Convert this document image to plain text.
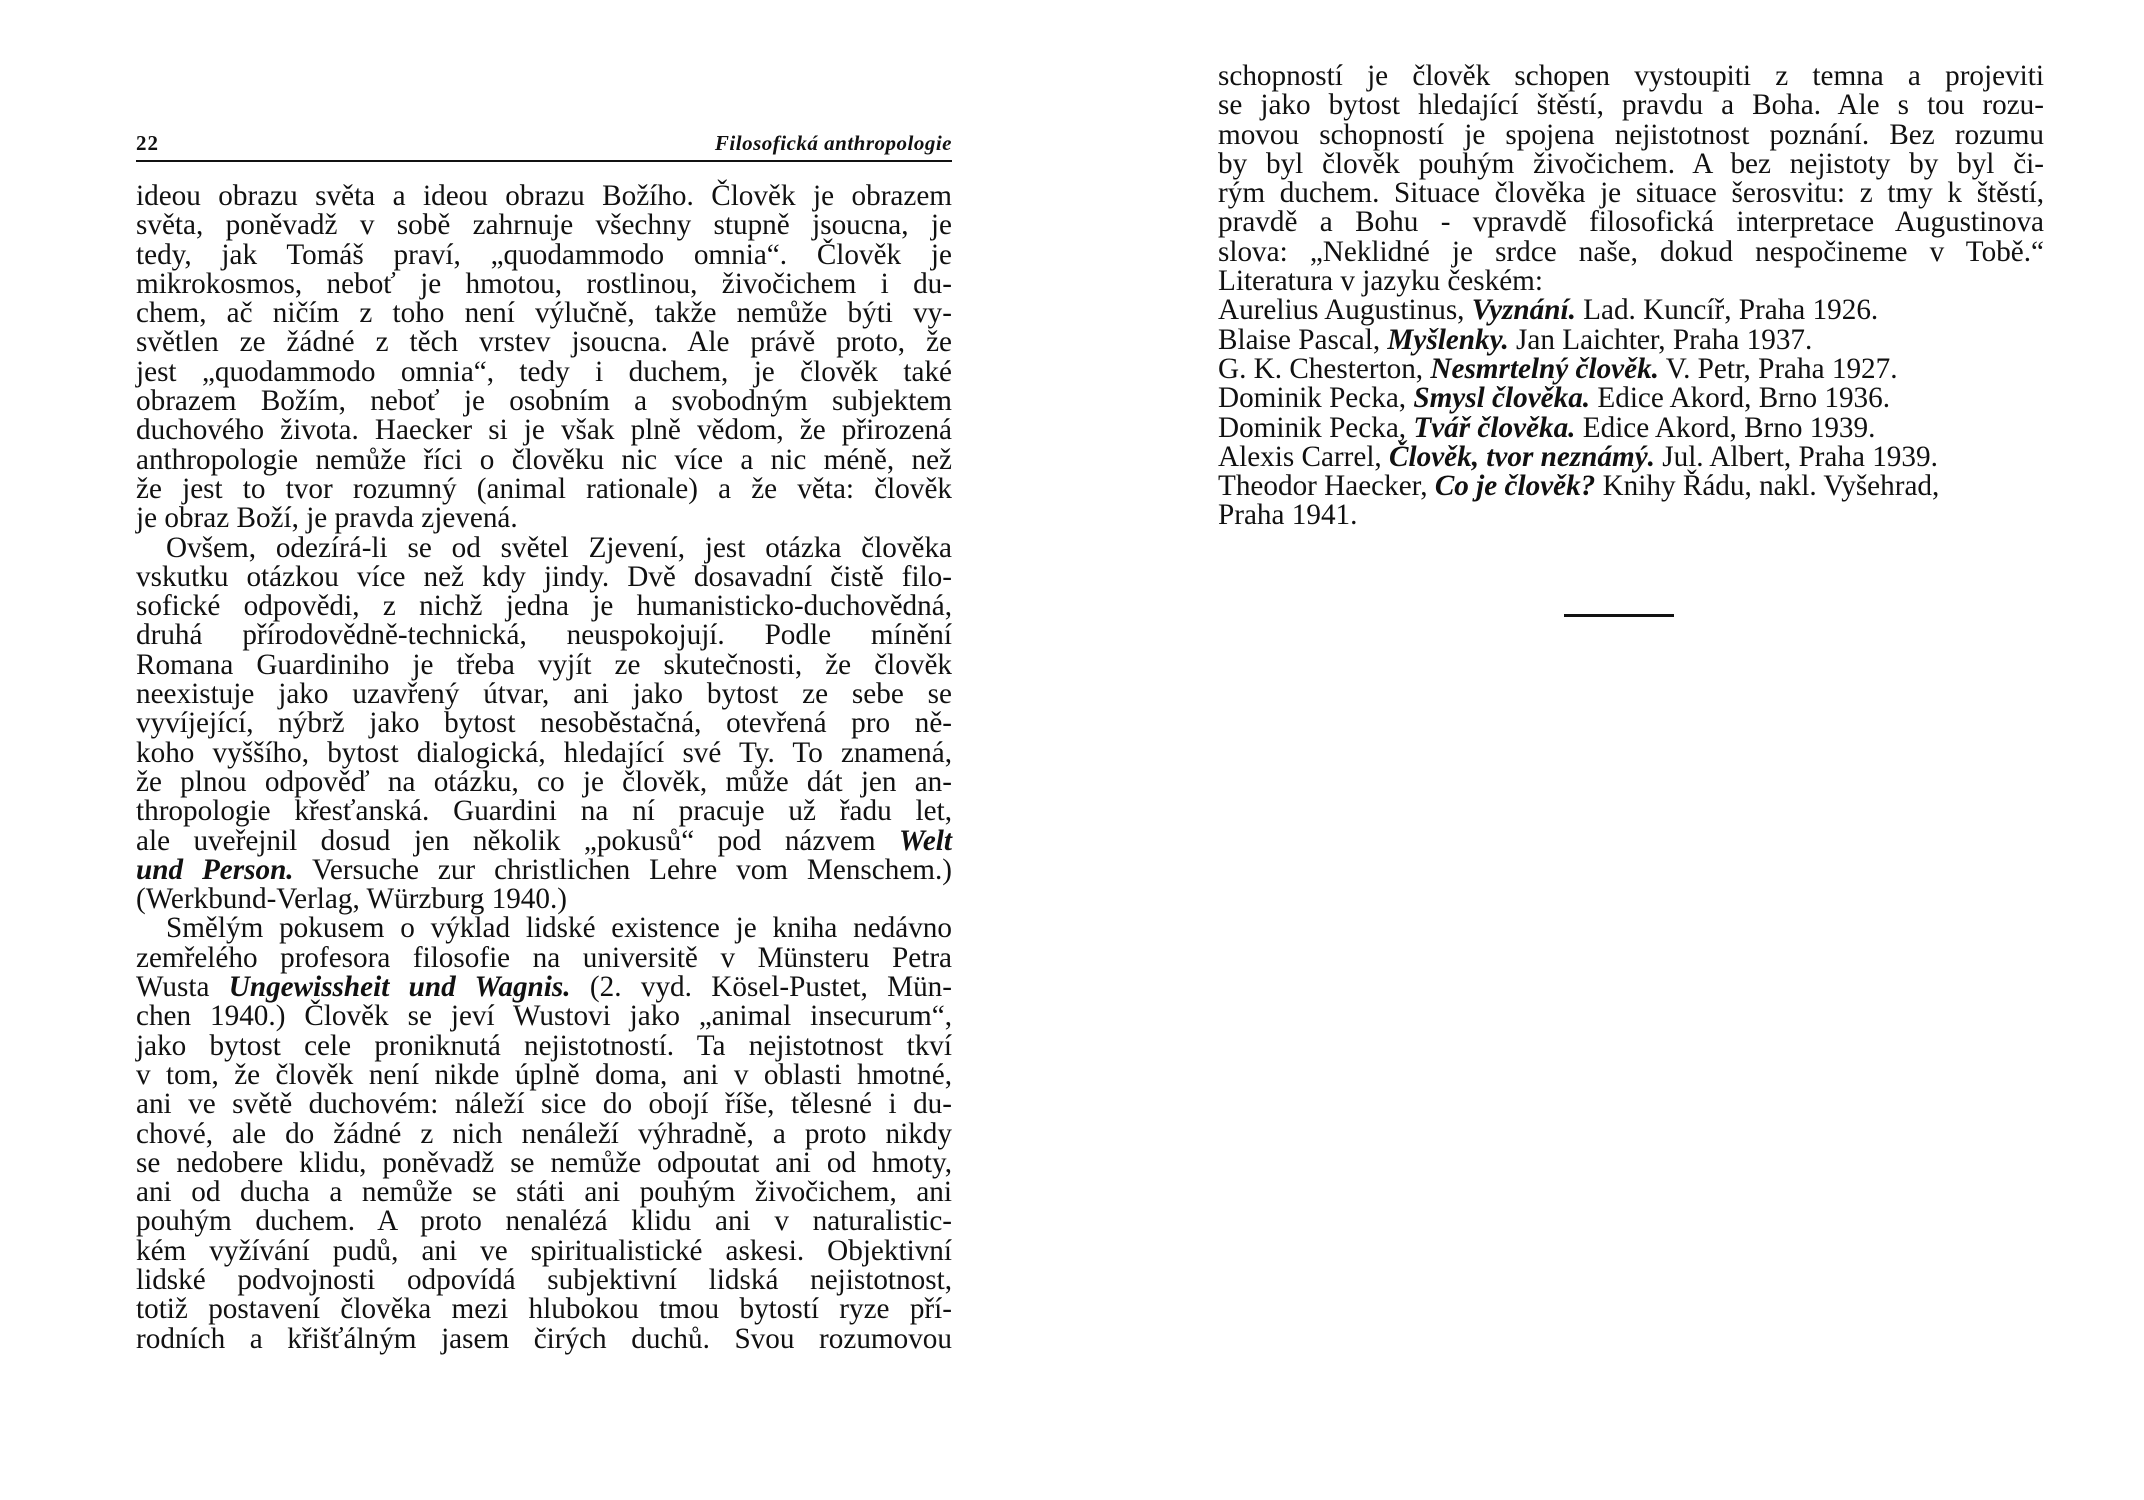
22	Filosofická anthropologie
ideou obrazu světa a ideou obrazu Božího. Člověk je obrazem
světa, poněvadž v sobě zahrnuje všechny stupně jsoucna, je
tedy, jak Tomáš praví, „quodammodo omnia“. Člověk je
mikrokosmos, neboť je hmotou, rostlinou, živočichem i du-
chem, ač ničím z toho není výlučně, takže nemůže býti vy-
světlen ze žádné z těch vrstev jsoucna. Ale právě proto, že
jest „quodammodo omnia“, tedy i duchem, je člověk také
obrazem Božím, neboť je osobním a svobodným subjektem
duchového života. Haecker si je však plně vědom, že přirozená
anthropologie nemůže říci o člověku nic více a nic méně, než
že jest to tvor rozumný (animal rationale) a že věta: člověk
je obraz Boží, je pravda zjevená.
Ovšem, odezírá-li se od světel Zjevení, jest otázka člověka
vskutku otázkou více než kdy jindy. Dvě dosavadní čistě filo-
sofické odpovědi, z nichž jedna je humanisticko-duchovědná,
druhá přírodovědně-technická, neuspokojují. Podle mínění
Romana Guardiniho je třeba vyjít ze skutečnosti, že člověk
neexistuje jako uzavřený útvar, ani jako bytost ze sebe se
vyvíjející, nýbrž jako bytost nesoběstačná, otevřená pro ně-
koho vyššího, bytost dialogická, hledající své Ty. To znamená,
že plnou odpověď na otázku, co je člověk, může dát jen an-
thropologie křesťanská. Guardini na ní pracuje už řadu let,
ale uveřejnil dosud jen několik „pokusů“ pod názvem Welt
und Person. Versuche zur christlichen Lehre vom Menschem.)
(Werkbund-Verlag, Würzburg 1940.)
Smělým pokusem o výklad lidské existence je kniha nedávno
zemřelého profesora filosofie na universitě v Münsteru Petra
Wusta Ungewissheit und Wagnis. (2. vyd. Kösel-Pustet, Mün-
chen 1940.) Člověk se jeví Wustovi jako „animal insecurum“,
jako bytost cele proniknutá nejistotností. Ta nejistotnost tkví
v tom, že člověk není nikde úplně doma, ani v oblasti hmotné,
ani ve světě duchovém: náleží sice do obojí říše, tělesné i du-
chové, ale do žádné z nich nenáleží výhradně, a proto nikdy
se nedobere klidu, poněvadž se nemůže odpoutat ani od hmoty,
ani od ducha a nemůže se státi ani pouhým živočichem, ani
pouhým duchem. A proto nenalézá klidu ani v naturalistic-
kém vyžívání pudů, ani ve spiritualistické askesi. Objektivní
lidské podvojnosti odpovídá subjektivní lidská nejistotnost,
totiž postavení člověka mezi hlubokou tmou bytostí ryze pří-
rodních a křišťálným jasem čirých duchů. Svou rozumovou
schopností je člověk schopen vystoupiti z temna a projeviti
se jako bytost hledající štěstí, pravdu a Boha. Ale s tou rozu-
movou schopností je spojena nejistotnost poznání. Bez rozumu
by byl člověk pouhým živočichem. A bez nejistoty by byl či-
rým duchem. Situace člověka je situace šerosvitu: z tmy k štěstí,
pravdě a Bohu - vpravdě filosofická interpretace Augustinova
slova: „Neklidné je srdce naše, dokud nespočineme v Tobě.“
Literatura v jazyku českém:
Aurelius Augustinus, Vyznání. Lad. Kuncíř, Praha 1926.
Blaise Pascal, Myšlenky. Jan Laichter, Praha 1937.
G. K. Chesterton, Nesmrtelný člověk. V. Petr, Praha 1927.
Dominik Pecka, Smysl člověka. Edice Akord, Brno 1936.
Dominik Pecka, Tvář člověka. Edice Akord, Brno 1939.
Alexis Carrel, Člověk, tvor neznámý. Jul. Albert, Praha 1939.
Theodor Haecker, Co je člověk? Knihy Řádu, nakl. Vyšehrad,
Praha 1941.
